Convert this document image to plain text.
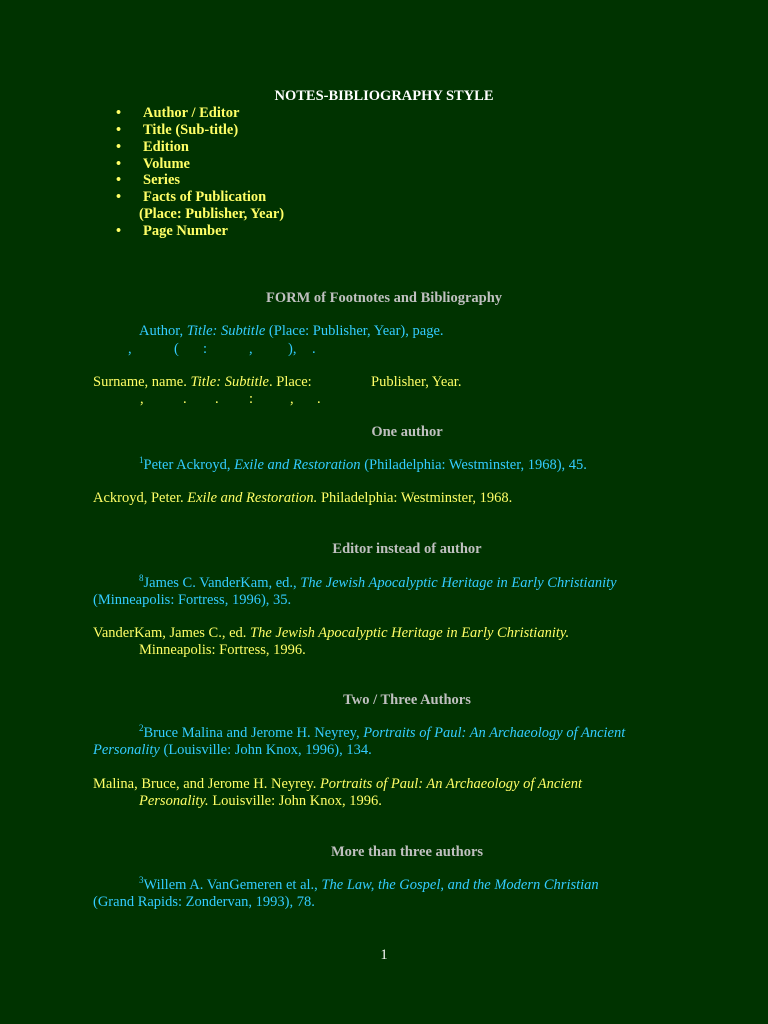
NOTES-BIBLIOGRAPHY STYLE
• Author / Editor
• Title (Sub-title)
• Edition
• Volume
• Series
• Facts of Publication
(Place: Publisher, Year)
• Page Number
FORM of Footnotes and Bibliography
Author, Title: Subtitle (Place: Publisher, Year), page.
,	( :	, ), .
Surname, name. Title: Subtitle. Place:	Publisher, Year.
,	. . :	, .
One author
$^1$Peter Ackroyd, Exile and Restoration (Philadelphia: Westminster, 1968), 45.
Ackroyd, Peter. Exile and Restoration. Philadelphia: Westminster, 1968.
Editor instead of author
$^8$James C. VanderKam, ed., The Jewish Apocalyptic Heritage in Early Christianity
(Minneapolis: Fortress, 1996), 35.
VanderKam, James C., ed. The Jewish Apocalyptic Heritage in Early Christianity.
Minneapolis: Fortress, 1996.
Two / Three Authors
$^2$Bruce Malina and Jerome H. Neyrey, Portraits of Paul: An Archaeology of Ancient
Personality (Louisville: John Knox, 1996), 134.
Malina, Bruce, and Jerome H. Neyrey. Portraits of Paul: An Archaeology of Ancient
Personality. Louisville: John Knox, 1996.
More than three authors
$^3$Willem A. VanGemeren et al., The Law, the Gospel, and the Modern Christian
(Grand Rapids: Zondervan, 1993), 78.
1
